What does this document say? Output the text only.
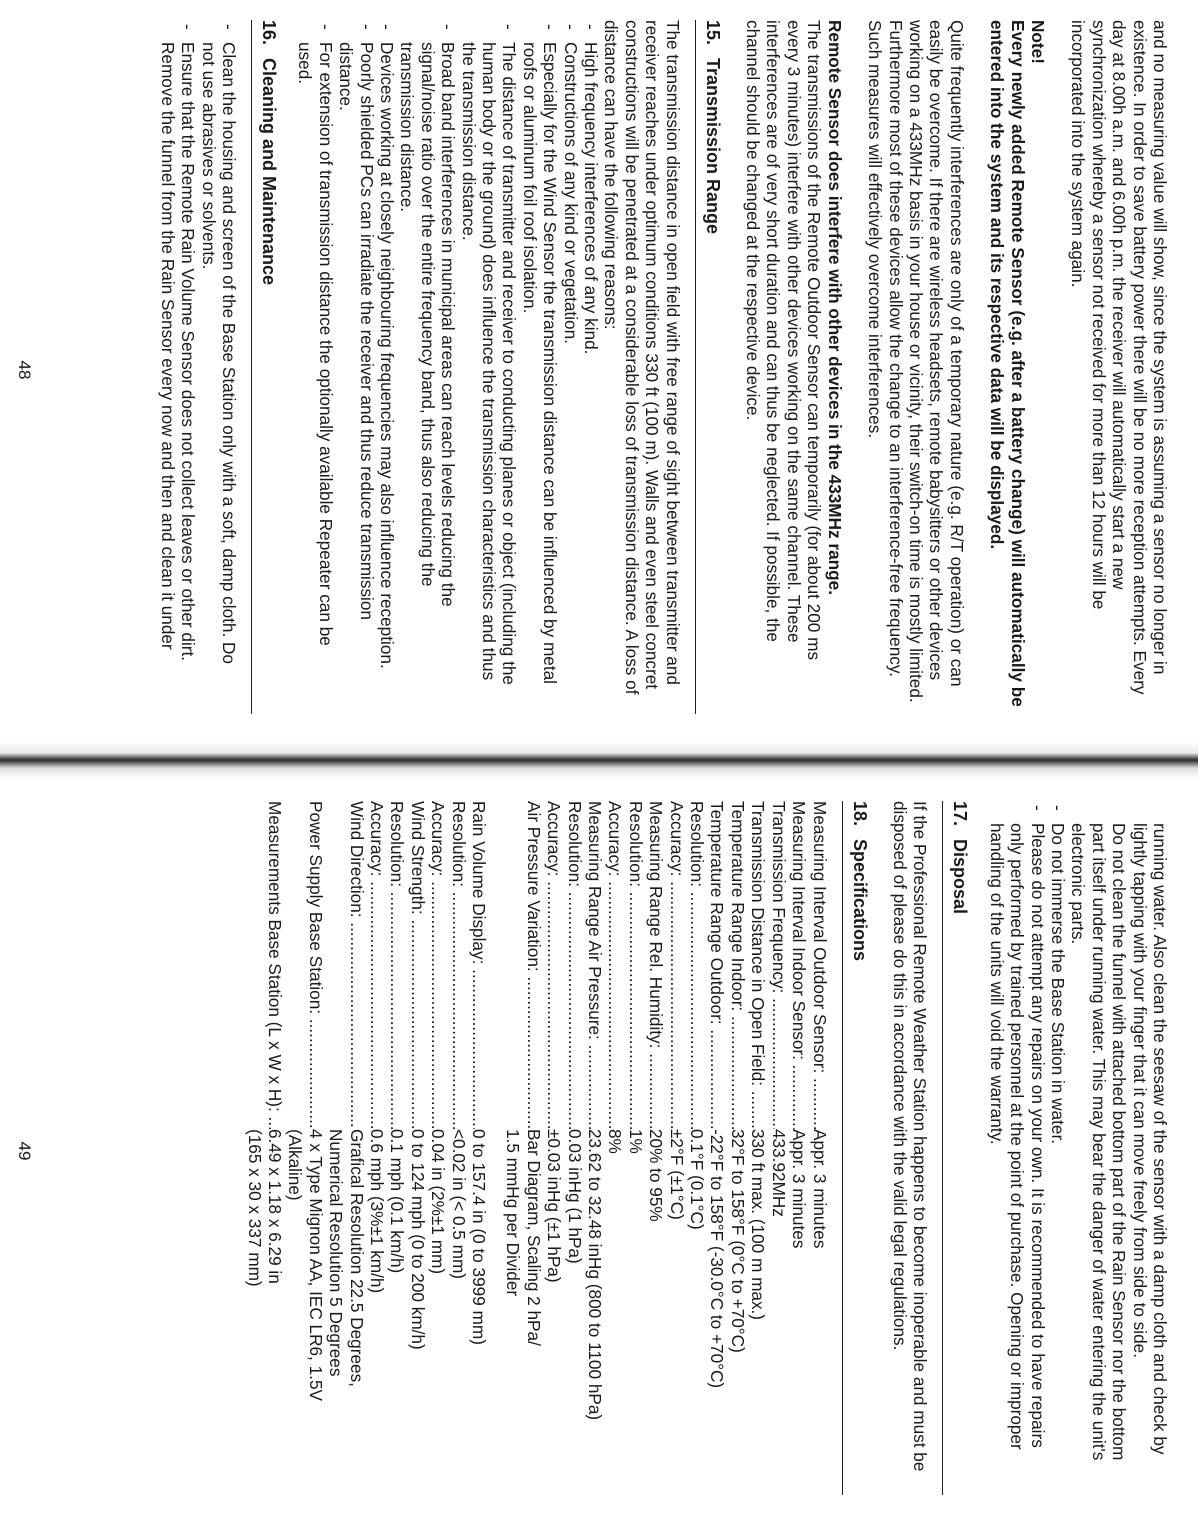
and no measuring value will show, since the system is assuming a sensor no longer in
existence. In order to save battery power there will be no more reception attempts. Every
day at 8.00h a.m. and 6.00h p.m. the receiver will automatically start a new
synchronization whereby a sensor not received for more than 12 hours will be
incorporated into the system again.
Note!
Every newly added Remote Sensor (e.g. after a battery change) will automatically be entered into the system and its respective data will be displayed.
Quite frequently interferences are only of a temporary nature (e.g. R/T operation) or can
easily be overcome. If there are wireless headsets, remote babysitters or other devices
working on a 433MHz basis in your house or vicinity, their switch-on time is mostly limited.
Furthermore most of these devices allow the change to an interference-free frequency.
Such measures will effectively overcome interferences.
Remote Sensor does interfere with other devices in the 433MHz range.
The transmissions of the Remote Outdoor Sensor can temporarily (for about 200 ms
every 3 minutes) interfere with other devices working on the same channel. These
interferences are of very short duration and can thus be neglected. If possible, the
channel should be changed at the respective device.
15.Transmission Range
The transmission distance in open field with free range of sight between transmitter and
receiver reaches under optimum conditions 330 ft (100 m). Walls and even steel concret
constructions will be penetrated at a considerable loss of transmission distance. A loss of
distance can have the following reasons:
- High frequency interferences of any kind.
- Constructions of any kind or vegetation.
- Especially for the Wind Sensor the transmission distance can be influenced by metal
roofs or aluminum foil roof isolation.
- The distance of transmitter and receiver to conducting planes or object (including the
human body or the ground) does influence the transmission characteristics and thus
the transmission distance.
- Broad band interferences in municipal areas can reach levels reducing the
signal/noise ratio over the entire frequency band, thus also reducing the
transmission distance.
- Devices working at closely neighbouring frequencies may also influence reception.
- Poorly shielded PCs can irradiate the receiver and thus reduce transmission
distance.
- For extension of transmission distance the optionally available Repeater can be
used.
16.Cleaning and Maintenance
- Clean the housing and screen of the Base Station only with a soft, damp cloth. Do
not use abrasives or solvents.
- Ensure that the Remote Rain Volume Sensor does not collect leaves or other dirt.
Remove the funnel from the Rain Sensor every now and then and clean it under
48
running water. Also clean the seesaw of the sensor with a damp cloth and check by
lightly tapping with your finger that it can move freely from side to side.
Do not clean the funnel with attached bottom part of the Rain Sensor nor the bottom
part itself under running water. This may bear the danger of water entering the unit's
electronic parts.
- Do not immerse the Base Station in water.
- Please do not attempt any repairs on your own. It is recommended to have repairs
only performed by trained personnel at the point of purchase. Opening or improper
handling of the units will void the warranty.
17.Disposal
If the Professional Remote Weather Station happens to become inoperable and must be
disposed of please do this in accordance with the valid legal regulations.
18.Specifications
Measuring Interval Outdoor Sensor: .....
Appr. 3 minutes
Measuring Interval Indoor Sensor: .....
Appr. 3 minutes
Transmission Frequency: .....
433.92MHz
Transmission Distance in Open Field: .....
330 ft max. (100 m max.)
Temperature Range Indoor: .....
32°F to 158°F (0°C to +70°C)
Temperature Range Outdoor: .....
-22°F to 158°F (-30.0°C to +70°C)
Resolution: .....
0.1°F (0.1°C)
Accuracy: .....
±2°F (±1°C)
Measuring Range Rel. Humidity: .....
20% to 95%
Resolution: .....
1%
Accuracy: .....
8%
Measuring Range Air Pressure: .....
23.62 to 32.48 inHg (800 to 1100 hPa)
Resolution: .....
0.03 inHg (1 hPa)
Accuracy: .....
±0.03 inHg (±1 hPa)
Air Pressure Variation: .....
Bar Diagram, Scaling 2 hPa/
1.5 mmHg per Divider
Rain Volume Display: .....
0 to 157.4 in (0 to 3999 mm)
Resolution: .....
<0.02 in (< 0.5 mm)
Accuracy: .....
0.04 in (2%±1 mm)
Wind Strength: .....
0 to 124 mph (0 to 200 km/h)
Resolution: .....
0.1 mph (0.1 km/h)
Accuracy: .....
0.6 mph (3%±1 km/h)
Wind Direction: .....
Grafical Resolution 22.5 Degrees,
Numerical Resolution 5 Degrees
Power Supply Base Station: .....
4 x Type Mignon AA, IEC LR6, 1.5V
(Alkaline)
Measurements Base Station (L x W x H): .....
6.49 x 1.18 x 6.29 in
(165 x 30 x 337 mm)
49
